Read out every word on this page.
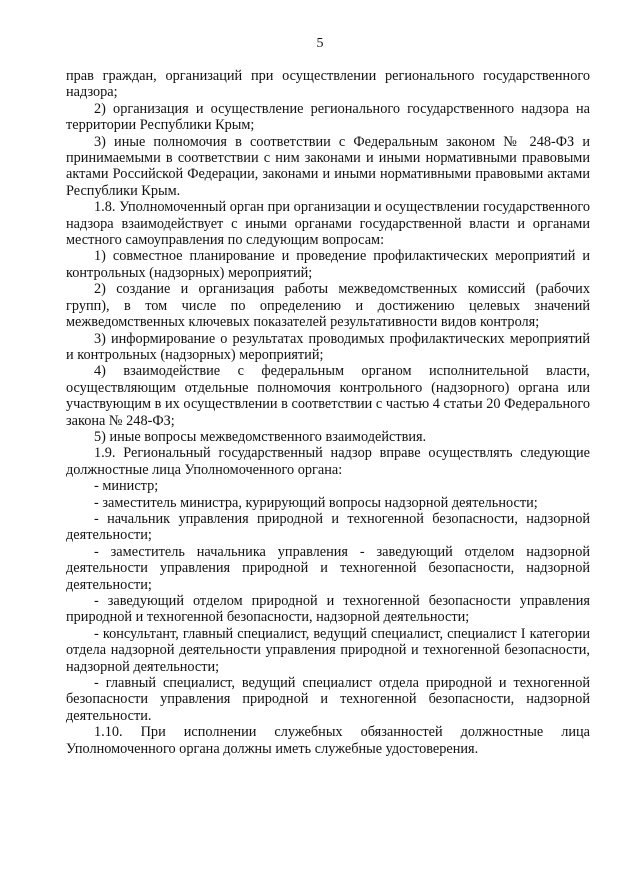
5

прав граждан, организаций при осуществлении регионального государственного надзора;

2) организация и осуществление регионального государственного надзора на территории Республики Крым;

3) иные полномочия в соответствии с Федеральным законом № 248-ФЗ и принимаемыми в соответствии с ним законами и иными нормативными правовыми актами Российской Федерации, законами и иными нормативными правовыми актами Республики Крым.

1.8. Уполномоченный орган при организации и осуществлении государственного надзора взаимодействует с иными органами государственной власти и органами местного самоуправления по следующим вопросам:

1) совместное планирование и проведение профилактических мероприятий и контрольных (надзорных) мероприятий;

2) создание и организация работы межведомственных комиссий (рабочих групп), в том числе по определению и достижению целевых значений межведомственных ключевых показателей результативности видов контроля;

3) информирование о результатах проводимых профилактических мероприятий и контрольных (надзорных) мероприятий;

4) взаимодействие с федеральным органом исполнительной власти, осуществляющим отдельные полномочия контрольного (надзорного) органа или участвующим в их осуществлении в соответствии с частью 4 статьи 20 Федерального закона № 248-ФЗ;

5) иные вопросы межведомственного взаимодействия.

1.9. Региональный государственный надзор вправе осуществлять следующие должностные лица Уполномоченного органа:

- министр;

- заместитель министра, курирующий вопросы надзорной деятельности;

- начальник управления природной и техногенной безопасности, надзорной деятельности;

- заместитель начальника управления - заведующий отделом надзорной деятельности управления природной и техногенной безопасности, надзорной деятельности;

- заведующий отделом природной и техногенной безопасности управления природной и техногенной безопасности, надзорной деятельности;

- консультант, главный специалист, ведущий специалист, специалист I категории отдела надзорной деятельности управления природной и техногенной безопасности, надзорной деятельности;

- главный специалист, ведущий специалист отдела природной и техногенной безопасности управления природной и техногенной безопасности, надзорной деятельности.

1.10. При исполнении служебных обязанностей должностные лица Уполномоченного органа должны иметь служебные удостоверения.
